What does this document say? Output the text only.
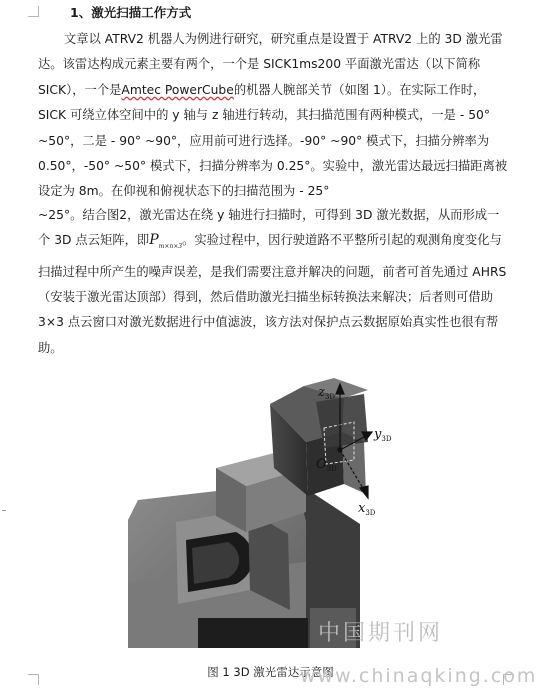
1、激光扫描工作方式

文章以 ATRV2 机器人为例进行研究，研究重点是设置于 ATRV2 上的 3D 激光雷达。该雷达构成元素主要有两个，一个是 SICK1ms200 平面激光雷达（以下简称 SICK），一个是Amtec PowerCube的机器人腕部关节（如图 1）。在实际工作时，SICK 可绕立体空间中的 y 轴与 z 轴进行转动，其扫描范围有两种模式，一是 - 50° ~50°，二是 - 90° ~90°，应用前可进行选择。-90° ~90° 模式下，扫描分辨率为 0.50°，-50° ~50° 模式下，扫描分辨率为 0.25°。实验中，激光雷达最远扫描距离被设定为 8m。在仰视和俯视状态下的扫描范围为 - 25°

~25°。结合图2，激光雷达在绕 y 轴进行扫描时，可得到 3D 激光数据，从而形成一个 3D 点云矩阵，即$P_{m\times n\times 3}$。实验过程中，因行驶道路不平整所引起的观测角度变化与扫描过程中所产生的噪声误差，是我们需要注意并解决的问题，前者可首先通过 AHRS（安装于激光雷达顶部）得到，然后借助激光扫描坐标转换法来解决；后者则可借助 3×3 点云窗口对激光数据进行中值滤波，该方法对保护点云数据原始真实性也很有帮助。

$z_{3D}$
$y_{3D}$
$O_{3D}$
$x_{3D}$
中国期刊网
图 1 3D 激光雷达示意图
www.chinaqking.com
